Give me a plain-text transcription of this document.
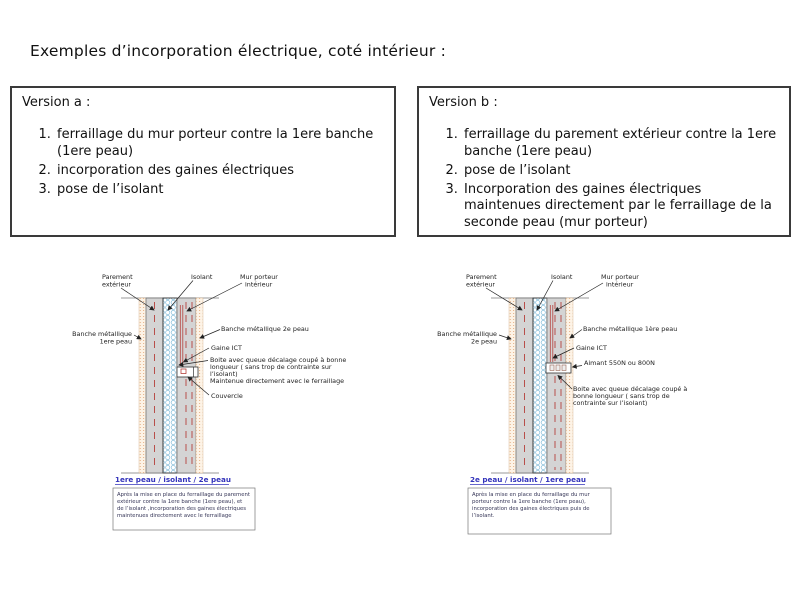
Exemples d’incorporation électrique, coté intérieur :
Version a :
1. ferraillage du mur porteur contre la 1ere banche (1ere peau)
2. incorporation des gaines électriques
3. pose de l’isolant
Version b :
1. ferraillage du parement extérieur contre la 1ere banche (1ere peau)
2. pose de l’isolant
3. Incorporation des gaines électriques maintenues directement par le ferraillage de la seconde peau (mur porteur)
Parement
extérieur
Isolant	Mur porteur
intérieur
Banche métallique
1ere peau
Banche métallique 2e peau
Gaine ICT
Boite avec queue décalage coupé à bonne
longueur ( sans trop de contrainte sur
l’isolant)
Maintenue directement avec le ferraillage
Couvercle
1ere peau / isolant / 2e peau
Après la mise en place du ferraillage du parement
extérieur contre la 1ere banche (1ere peau), et
de l’isolant ,incorporation des gaines électriques
maintenues directement avec le ferraillage
Parement
extérieur
Isolant	Mur porteur
intérieur
Banche métallique
2e peau
Banche métallique 1ère peau
Gaine ICT
Aimant 550N ou 800N
Boite avec queue décalage coupé à
bonne longueur ( sans trop de
contrainte sur l’isolant)
2e peau / isolant / 1ere peau
Après la mise en place du ferraillage du mur
porteur contre la 1ere banche (1ere peau),
incorporation des gaines électriques puis de
l’isolant.
